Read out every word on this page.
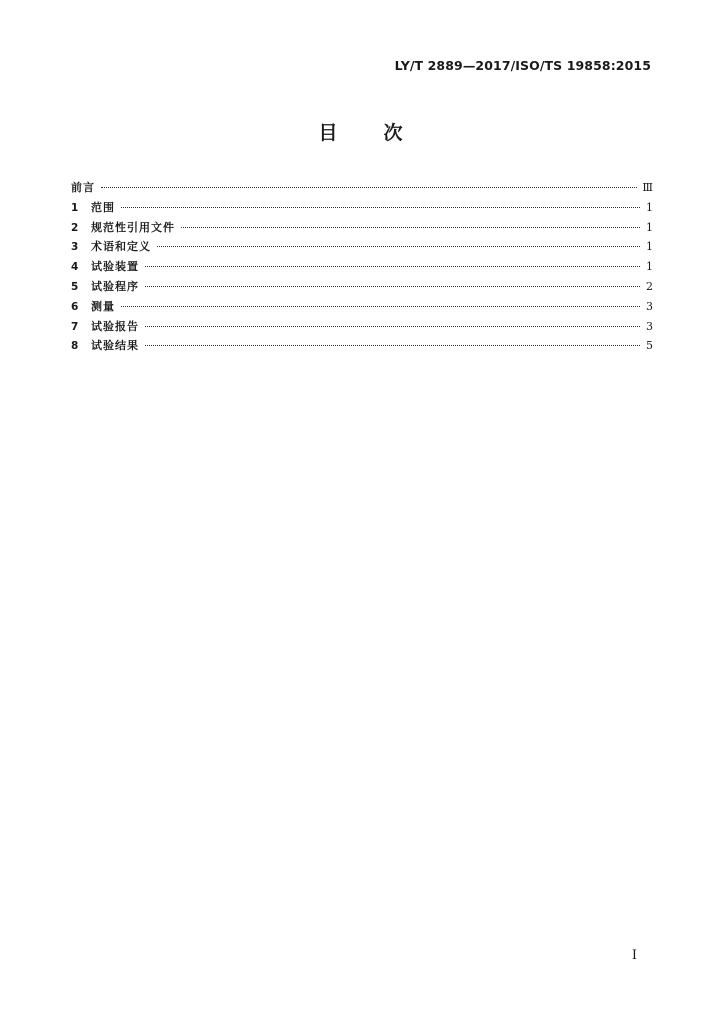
LY/T 2889—2017/ISO/TS 19858:2015
目 次
前言	Ⅲ
1	范围	1
2	规范性引用文件	1
3	术语和定义	1
4	试验装置	1
5	试验程序	2
6	测量	3
7	试验报告	3
8	试验结果	5
I
